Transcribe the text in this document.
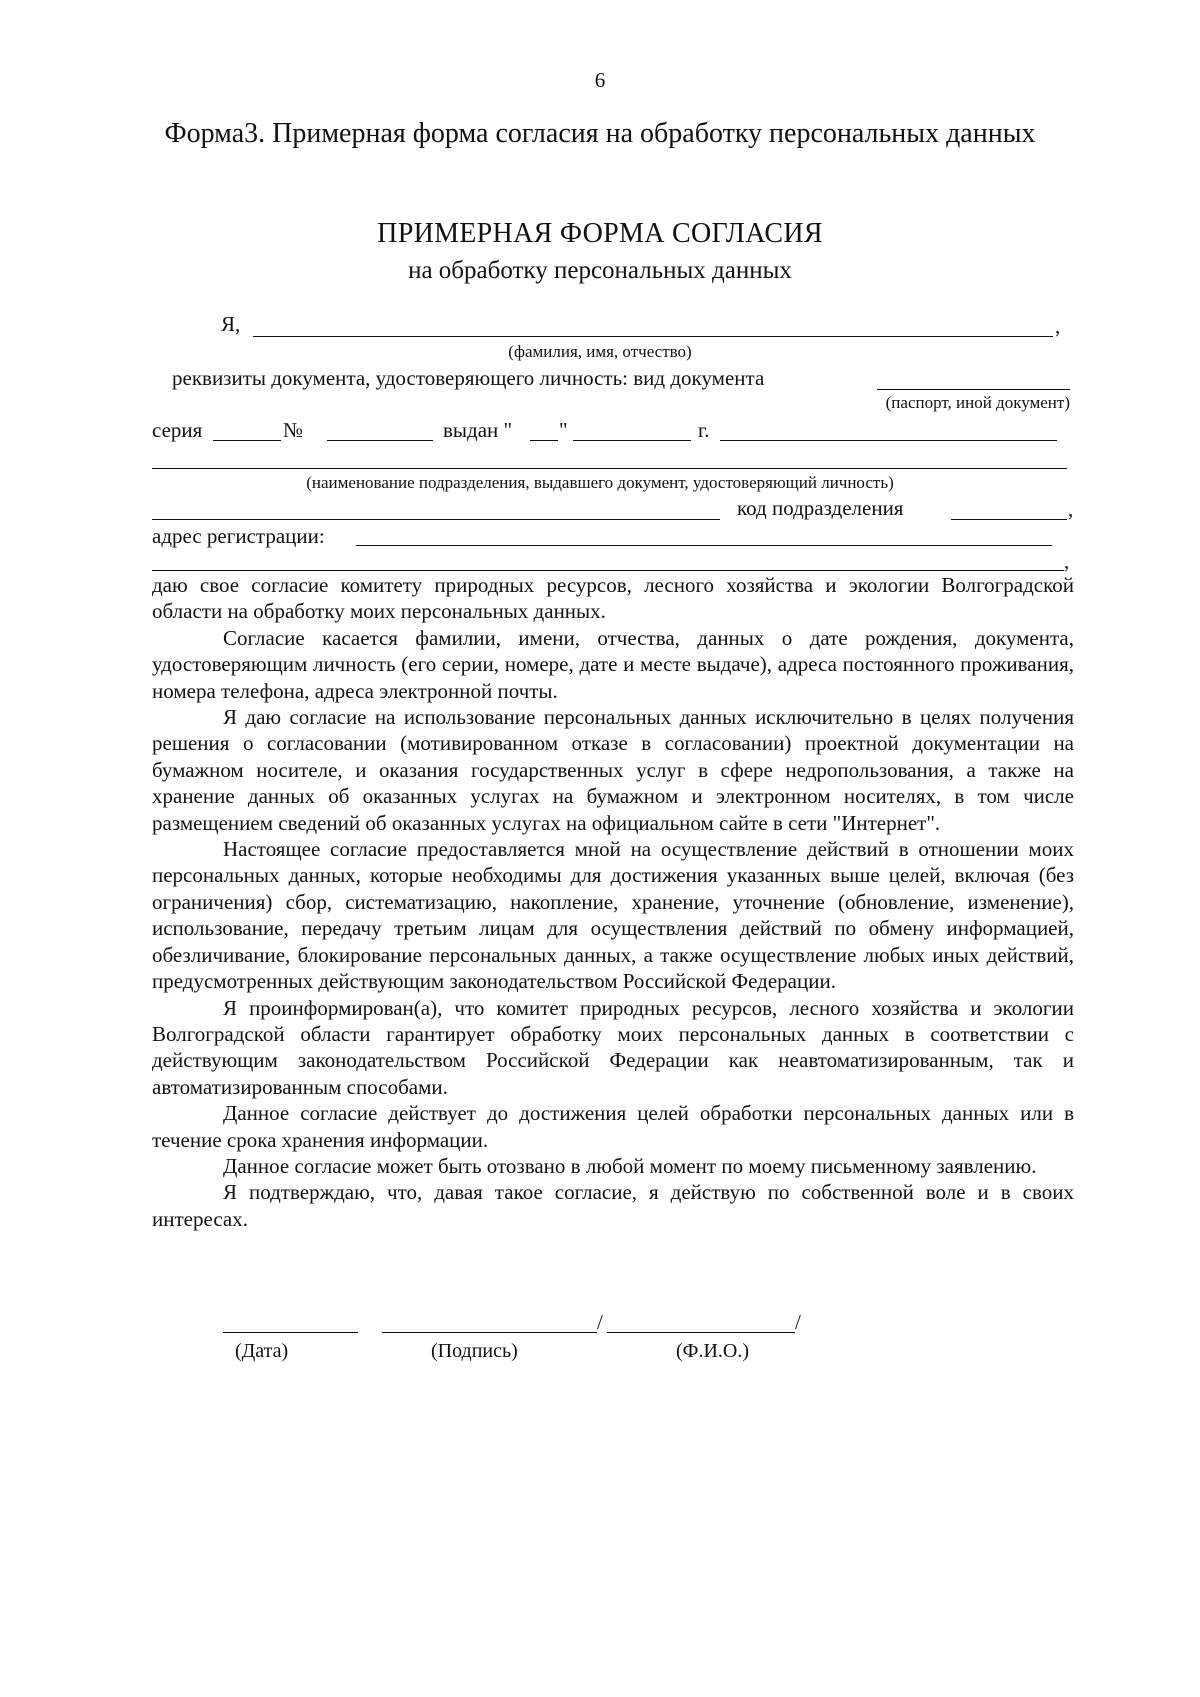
6
Форма3. Примерная форма согласия на обработку персональных данных
ПРИМЕРНАЯ ФОРМА СОГЛАСИЯ
на обработку персональных данных
Я,	,
(фамилия, имя, отчество)
реквизиты документа, удостоверяющего личность: вид документа
(паспорт, иной документ)
серия	№	выдан " "	г.
(наименование подразделения, выдавшего документ, удостоверяющий личность)
код подразделения	,
адрес регистрации:
,

даю свое согласие комитету природных ресурсов, лесного хозяйства и экологии Волгоградской области на обработку моих персональных данных.

Согласие касается фамилии, имени, отчества, данных о дате рождения, документа, удостоверяющим личность (его серии, номере, дате и месте выдаче), адреса постоянного проживания, номера телефона, адреса электронной почты.

Я даю согласие на использование персональных данных исключительно в целях получения решения о согласовании (мотивированном отказе в согласовании) проектной документации на бумажном носителе, и оказания государственных услуг в сфере недропользования, а также на хранение данных об оказанных услугах на бумажном и электронном носителях, в том числе размещением сведений об оказанных услугах на официальном сайте в сети "Интернет".

Настоящее согласие предоставляется мной на осуществление действий в отношении моих персональных данных, которые необходимы для достижения указанных выше целей, включая (без ограничения) сбор, систематизацию, накопление, хранение, уточнение (обновление, изменение), использование, передачу третьим лицам для осуществления действий по обмену информацией, обезличивание, блокирование персональных данных, а также осуществление любых иных действий, предусмотренных действующим законодательством Российской Федерации.

Я проинформирован(а), что комитет природных ресурсов, лесного хозяйства и экологии Волгоградской области гарантирует обработку моих персональных данных в соответствии с действующим законодательством Российской Федерации как неавтоматизированным, так и автоматизированным способами.

Данное согласие действует до достижения целей обработки персональных данных или в течение срока хранения информации.

Данное согласие может быть отозвано в любой момент по моему письменному заявлению.

Я подтверждаю, что, давая такое согласие, я действую по собственной воле и в своих интересах.

/	/
(Дата)	(Подпись)	(Ф.И.О.)
